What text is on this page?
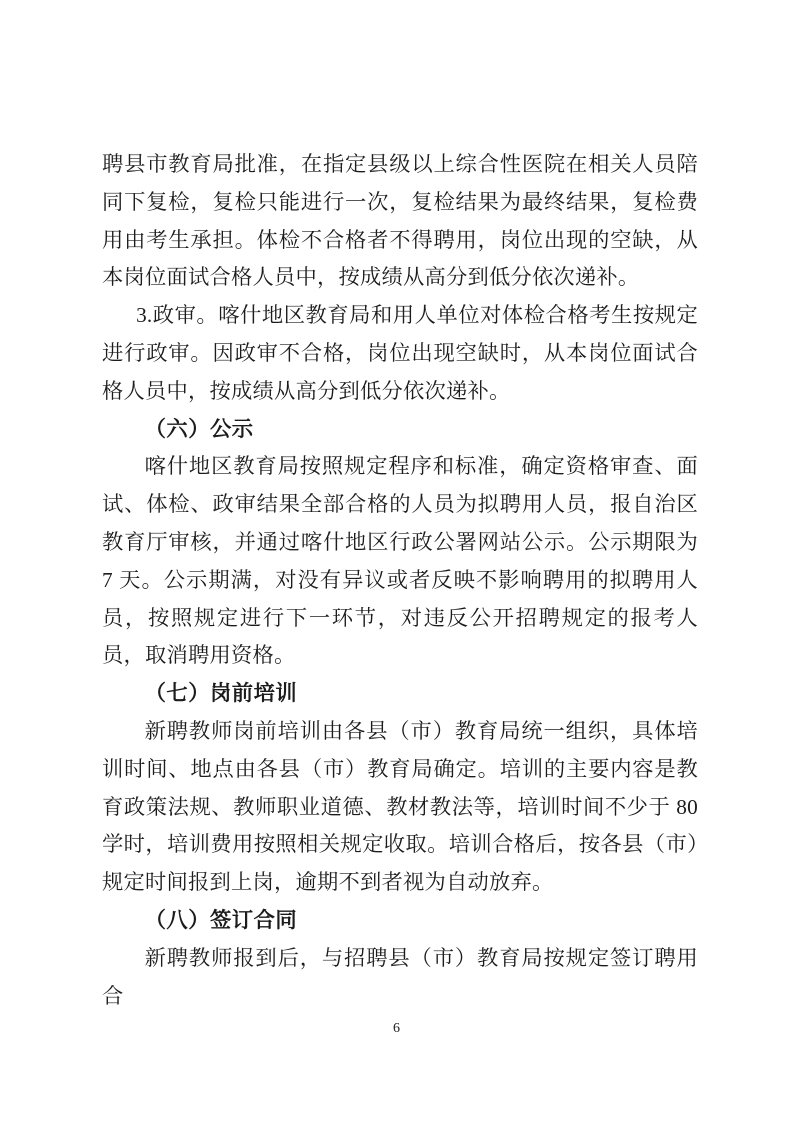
聘县市教育局批准，在指定县级以上综合性医院在相关人员陪同下复检，复检只能进行一次，复检结果为最终结果，复检费用由考生承担。体检不合格者不得聘用，岗位出现的空缺，从本岗位面试合格人员中，按成绩从高分到低分依次递补。

3.政审。喀什地区教育局和用人单位对体检合格考生按规定进行政审。因政审不合格，岗位出现空缺时，从本岗位面试合格人员中，按成绩从高分到低分依次递补。

（六）公示

喀什地区教育局按照规定程序和标准，确定资格审查、面试、体检、政审结果全部合格的人员为拟聘用人员，报自治区教育厅审核，并通过喀什地区行政公署网站公示。公示期限为 7 天。公示期满，对没有异议或者反映不影响聘用的拟聘用人员，按照规定进行下一环节，对违反公开招聘规定的报考人员，取消聘用资格。

（七）岗前培训

新聘教师岗前培训由各县（市）教育局统一组织，具体培训时间、地点由各县（市）教育局确定。培训的主要内容是教育政策法规、教师职业道德、教材教法等，培训时间不少于 80 学时，培训费用按照相关规定收取。培训合格后，按各县（市）规定时间报到上岗，逾期不到者视为自动放弃。

（八）签订合同

新聘教师报到后，与招聘县（市）教育局按规定签订聘用合

6
